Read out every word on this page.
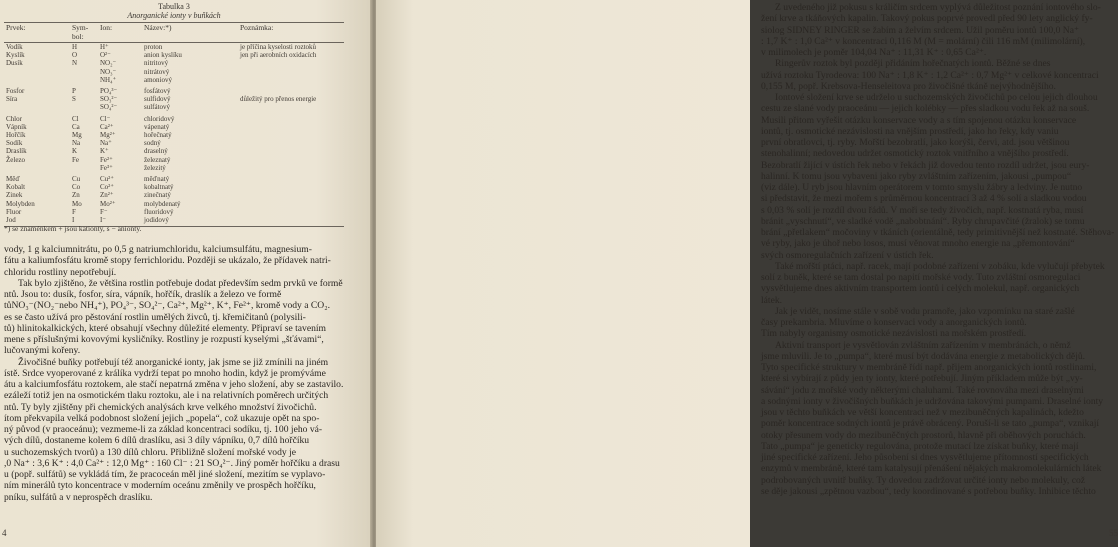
Tabulka 3
Anorganické ionty v buňkách
Prvek:	Sym- bol:	Ion:	Název:*)	Poznámka:
Vodík	H	H⁺	proton	je příčina kyselosti roztoků
Kyslík	O	O²⁻	anion kyslíku	jen při aerobních oxidacích
Dusík	N	NO₂⁻	nitritový	
		NO₃⁻	nitrátový	
		NH₄⁺	amoniový	
Fosfor	P	PO₄³⁻	fosfátový	
Síra	S	SO₃²⁻	sulfidový	důležitý pro přenos energie
		SO₄²⁻	sulfátový	
Chlor	Cl	Cl⁻	chloridový	
Vápník	Ca	Ca²⁺	vápenatý	
Hořčík	Mg	Mg²⁺	hořečnatý	
Sodík	Na	Na⁺	sodný	
Draslík	K	K⁺	draselný	
Železo	Fe	Fe²⁺	železnatý	
		Fe³⁺	železitý	
Měď	Cu	Cu²⁺	měďnatý	
Kobalt	Co	Co²⁺	kobaltnatý	
Zinek	Zn	Zn²⁺	zinečnatý	
Molybden	Mo	Mo²⁺	molybdenatý	
Fluor	F	F⁻	fluoridový	
Jod	I	I⁻	jodidový	
*) se znaménkem + jsou kationty, s − anionty.

vody, 1 g kalciumnitrátu, po 0,5 g natriumchloridu, kalciumsulfátu, magnesium-

fátu a kaliumfosfátu kromě stopy ferrichloridu. Později se ukázalo, že přídavek natri-

chloridu rostliny nepotřebují.

Tak bylo zjištěno, že většina rostlin potřebuje dodat především sedm prvků ve formě

ntů. Jsou to: dusík, fosfor, síra, vápník, hořčík, draslík a železo ve formě

tůNO₃⁻(NO₂⁻nebo NH₄⁺), PO₄³⁻, SO₄²⁻, Ca²⁺, Mg²⁺, K⁺, Fe²⁺, kromě vody a CO₂.

es se často užívá pro pěstování rostlin umělých živců, tj. křemičitanů (polysili-

tů) hlinitokalkických, které obsahují všechny důležité elementy. Připraví se tavením

mene s příslušnými kovovými kysličníky. Rostliny je rozpustí kyselými „šťávami“,

lučovanými kořeny.

Živočišné buňky potřebují též anorganické ionty, jak jsme se již zmínili na jiném

ístě. Srdce vyoperované z králíka vydrží tepat po mnoho hodin, když je promýváme

átu a kalciumfosfátu roztokem, ale stačí nepatrná změna v jeho složení, aby se zastavilo.

ezáleží totiž jen na osmotickém tlaku roztoku, ale i na relativních poměrech určitých

ntů. Ty byly zjištěny při chemických analýsách krve velkého množství živočichů.

ítom překvapila velká podobnost složení jejich „popela“, což ukazuje opět na spo-

ný původ (v praoceánu); vezmeme-li za základ koncentraci sodíku, tj. 100 jeho vá-

vých dílů, dostaneme kolem 6 dílů draslíku, asi 3 díly vápníku, 0,7 dílů hořčíku

u suchozemských tvorů) a 130 dílů chloru. Přibližně složení mořské vody je

,0 Na⁺ : 3,6 K⁺ : 4,0 Ca²⁺ : 12,0 Mg⁺ : 160 Cl⁻ : 21 SO₄²⁻. Jiný poměr hořčíku a drasu

u (popř. sulfátů) se vykládá tím, že pracoceán měl jiné složení, mezitím se vyplavo-

ním minerálů tyto koncentrace v moderním oceánu změnily ve prospěch hořčíku,

pníku, sulfátů a v neprospěch draslíku.

4

Z uvedeného již pokusu s králičím srdcem vyplývá důležitost poznání iontového slo-

žení krve a tkáňových kapalin. Takový pokus poprvé provedl před 90 lety anglický fy-

siolog SIDNEY RINGER se žabím a želvím srdcem. Užil poměru iontů 100,0 Na⁺

: 1,7 K⁺ : 1,0 Ca²⁺ v koncentraci 0,116 M (M = molární) čili 116 mM (milimolární),

v milimolech je poměr 104,04 Na⁺ : 11,31 K⁺ : 0,65 Ca²⁺.

Ringerův roztok byl později přidáním hořečnatých iontů. Běžné se dnes

užívá roztoku Tyrodeova: 100 Na⁺ : 1,8 K⁺ : 1,2 Ca²⁺ : 0,7 Mg²⁺ v celkové koncentraci

0,155 M, popř. Krebsova-Henseleitova pro živočišné tkáně nejvýhodnějšího.

Iontové složení krve se udrželo u suchozemských živočichů po celou jejich dlouhou

cestu ze slané vody praoceánu — jejich kolébky — přes sladkou vodu řek až na souš.

Musili přitom vyřešit otázku konservace vody a s tím spojenou otázku konservace

iontů, tj. osmotické nezávislosti na vnějším prostředí, jako ho řeky, kdy vaniu

první obratlovci, tj. ryby. Mořští bezobratlí, jako korýši, červi, atd. jsou většinou

stenohalinní; nedovedou udržet osmotický roztok vnitřního a vnějšího prostředí.

Bezobratlí žijící v ústích řek nebo v řekách již dovedou tento rozdíl udržet, jsou eury-

halinní. K tomu jsou vybaveni jako ryby zvláštním zařízením, jakousi „pumpou“

(viz dále). U ryb jsou hlavním operátorem v tomto smyslu žábry a ledviny. Je nutno

si představit, že mezi mořem s průměrnou koncentrací 3 až 4 % solí a sladkou vodou

s 0,03 % solí je rozdíl dvou řádů. V moři se tedy živočich, např. kostnatá ryba, musí

bránit „vyschnutí“, ve sladké vodě „nabobtnání“. Ryby chrupavčité (žralok) se tomu

brání „přetlakem“ močoviny v tkáních (orientálně, tedy primitivnější než kostnaté. Stěhova-

vé ryby, jako je úhoř nebo losos, musí věnovat mnoho energie na „přemontování“

svých osmoregulačních zařízení v ústích řek.

Také mořští ptáci, např. racek, mají podobné zařízení v zobáku, kde vylučují přebytek

solí z buněk, které se tam dostal po napití mořské vody. Tuto zvláštní osmoregulaci

vysvětlujeme dnes aktivním transportem iontů i celých molekul, např. organických

látek.

Jak je vidět, nosíme stále v sobě vodu pramoře, jako vzpomínku na staré zašlé

časy prekambria. Mluvíme o konservaci vody a anorganických iontů.

Tím nabyly organismy osmotické nezávislosti na mořském prostředí.

Aktivní transport je vysvětlován zvláštním zařízením v membránách, o němž

jsme mluvili. Je to „pumpa“, které musí být dodávána energie z metabolických dějů.

Tyto specifické struktury v membráně řídí např. přijem anorganických iontů rostlinami,

které si vybírají z půdy jen ty ionty, které potřebují. Jiným příkladem může být „vy-

sávání“ jodu z mořské vody některými chaluhami. Také rovnováha mezi draselnými

a sodnými ionty v živočišných buňkách je udržována takovými pumpami. Draselné ionty

jsou v těchto buňkách ve větší koncentraci než v mezibuněčných kapalinách, kdežto

poměr koncentrace sodných iontů je právě obrácený. Poruší-li se tato „pumpa“, vznikají

otoky přesunem vody do mezibuněčných prostorů, hlavně při oběhových poruchách.

Tato „pumpa“ je geneticky regulována, protože mutací lze získat buňky, které mají

jiné specifické zařízení. Jeho působení si dnes vysvětlujeme přítomností specifických

enzymů v membráně, které tam katalysují přenášení nějakých makromolekulárních látek

podrobovaných uvnitř buňky. Ty dovedou zadržovat určité ionty nebo molekuly, což

se děje jakousi „zpětnou vazbou“, tedy koordinované s potřebou buňky. Inhibice těchto

55
